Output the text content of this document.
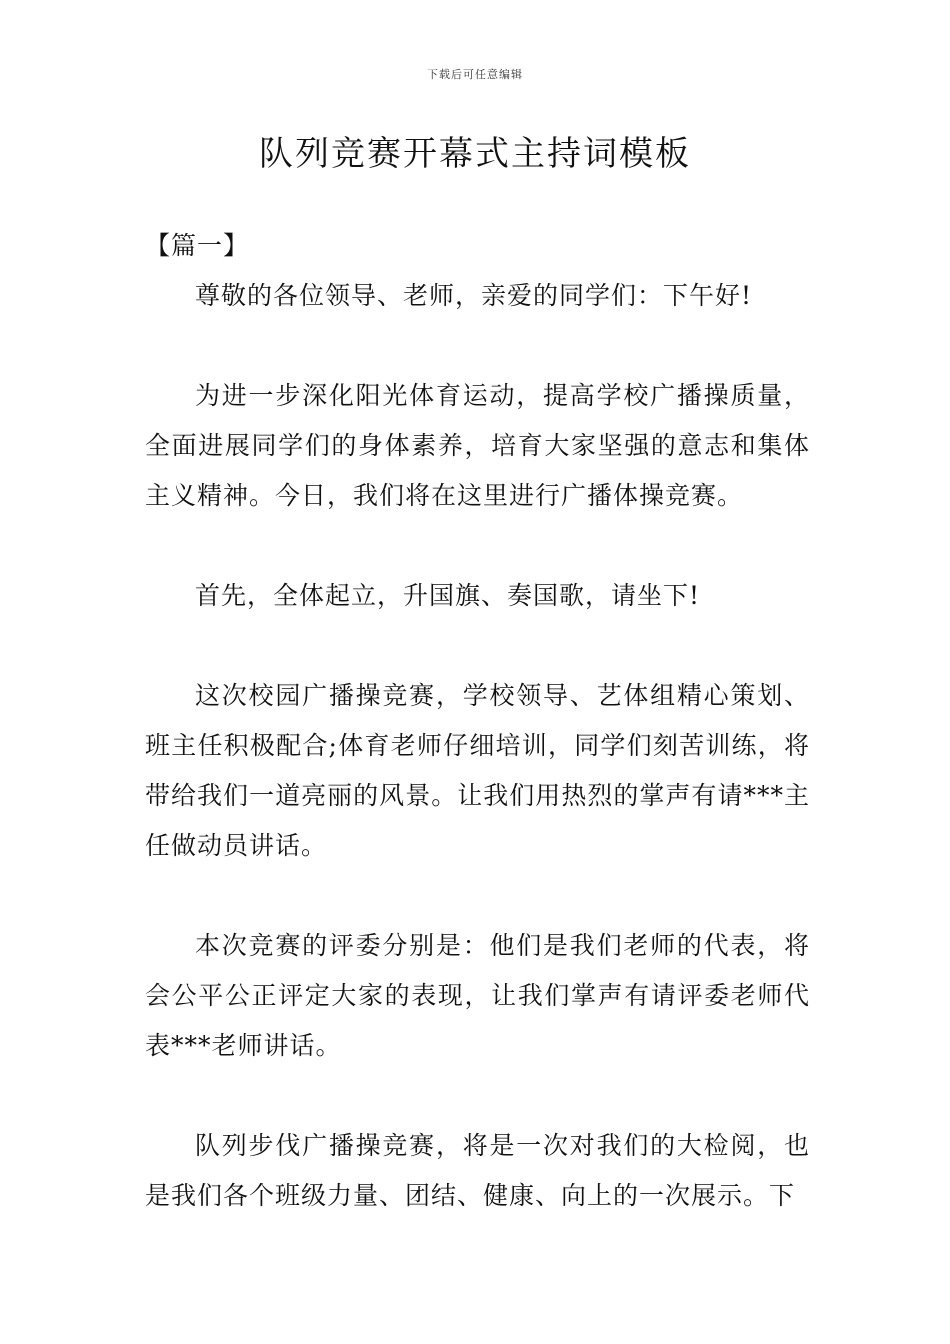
下载后可任意编辑
队列竞赛开幕式主持词模板

【篇一】

尊敬的各位领导、老师，亲爱的同学们：下午好!

为进一步深化阳光体育运动，提高学校广播操质量，全面进展同学们的身体素养，培育大家坚强的意志和集体主义精神。今日，我们将在这里进行广播体操竞赛。

首先，全体起立，升国旗、奏国歌，请坐下!

这次校园广播操竞赛，学校领导、艺体组精心策划、班主任积极配合;体育老师仔细培训，同学们刻苦训练，将带给我们一道亮丽的风景。让我们用热烈的掌声有请***主任做动员讲话。

本次竞赛的评委分别是：他们是我们老师的代表，将会公平公正评定大家的表现，让我们掌声有请评委老师代表***老师讲话。

队列步伐广播操竞赛，将是一次对我们的大检阅，也是我们各个班级力量、团结、健康、向上的一次展示。下
